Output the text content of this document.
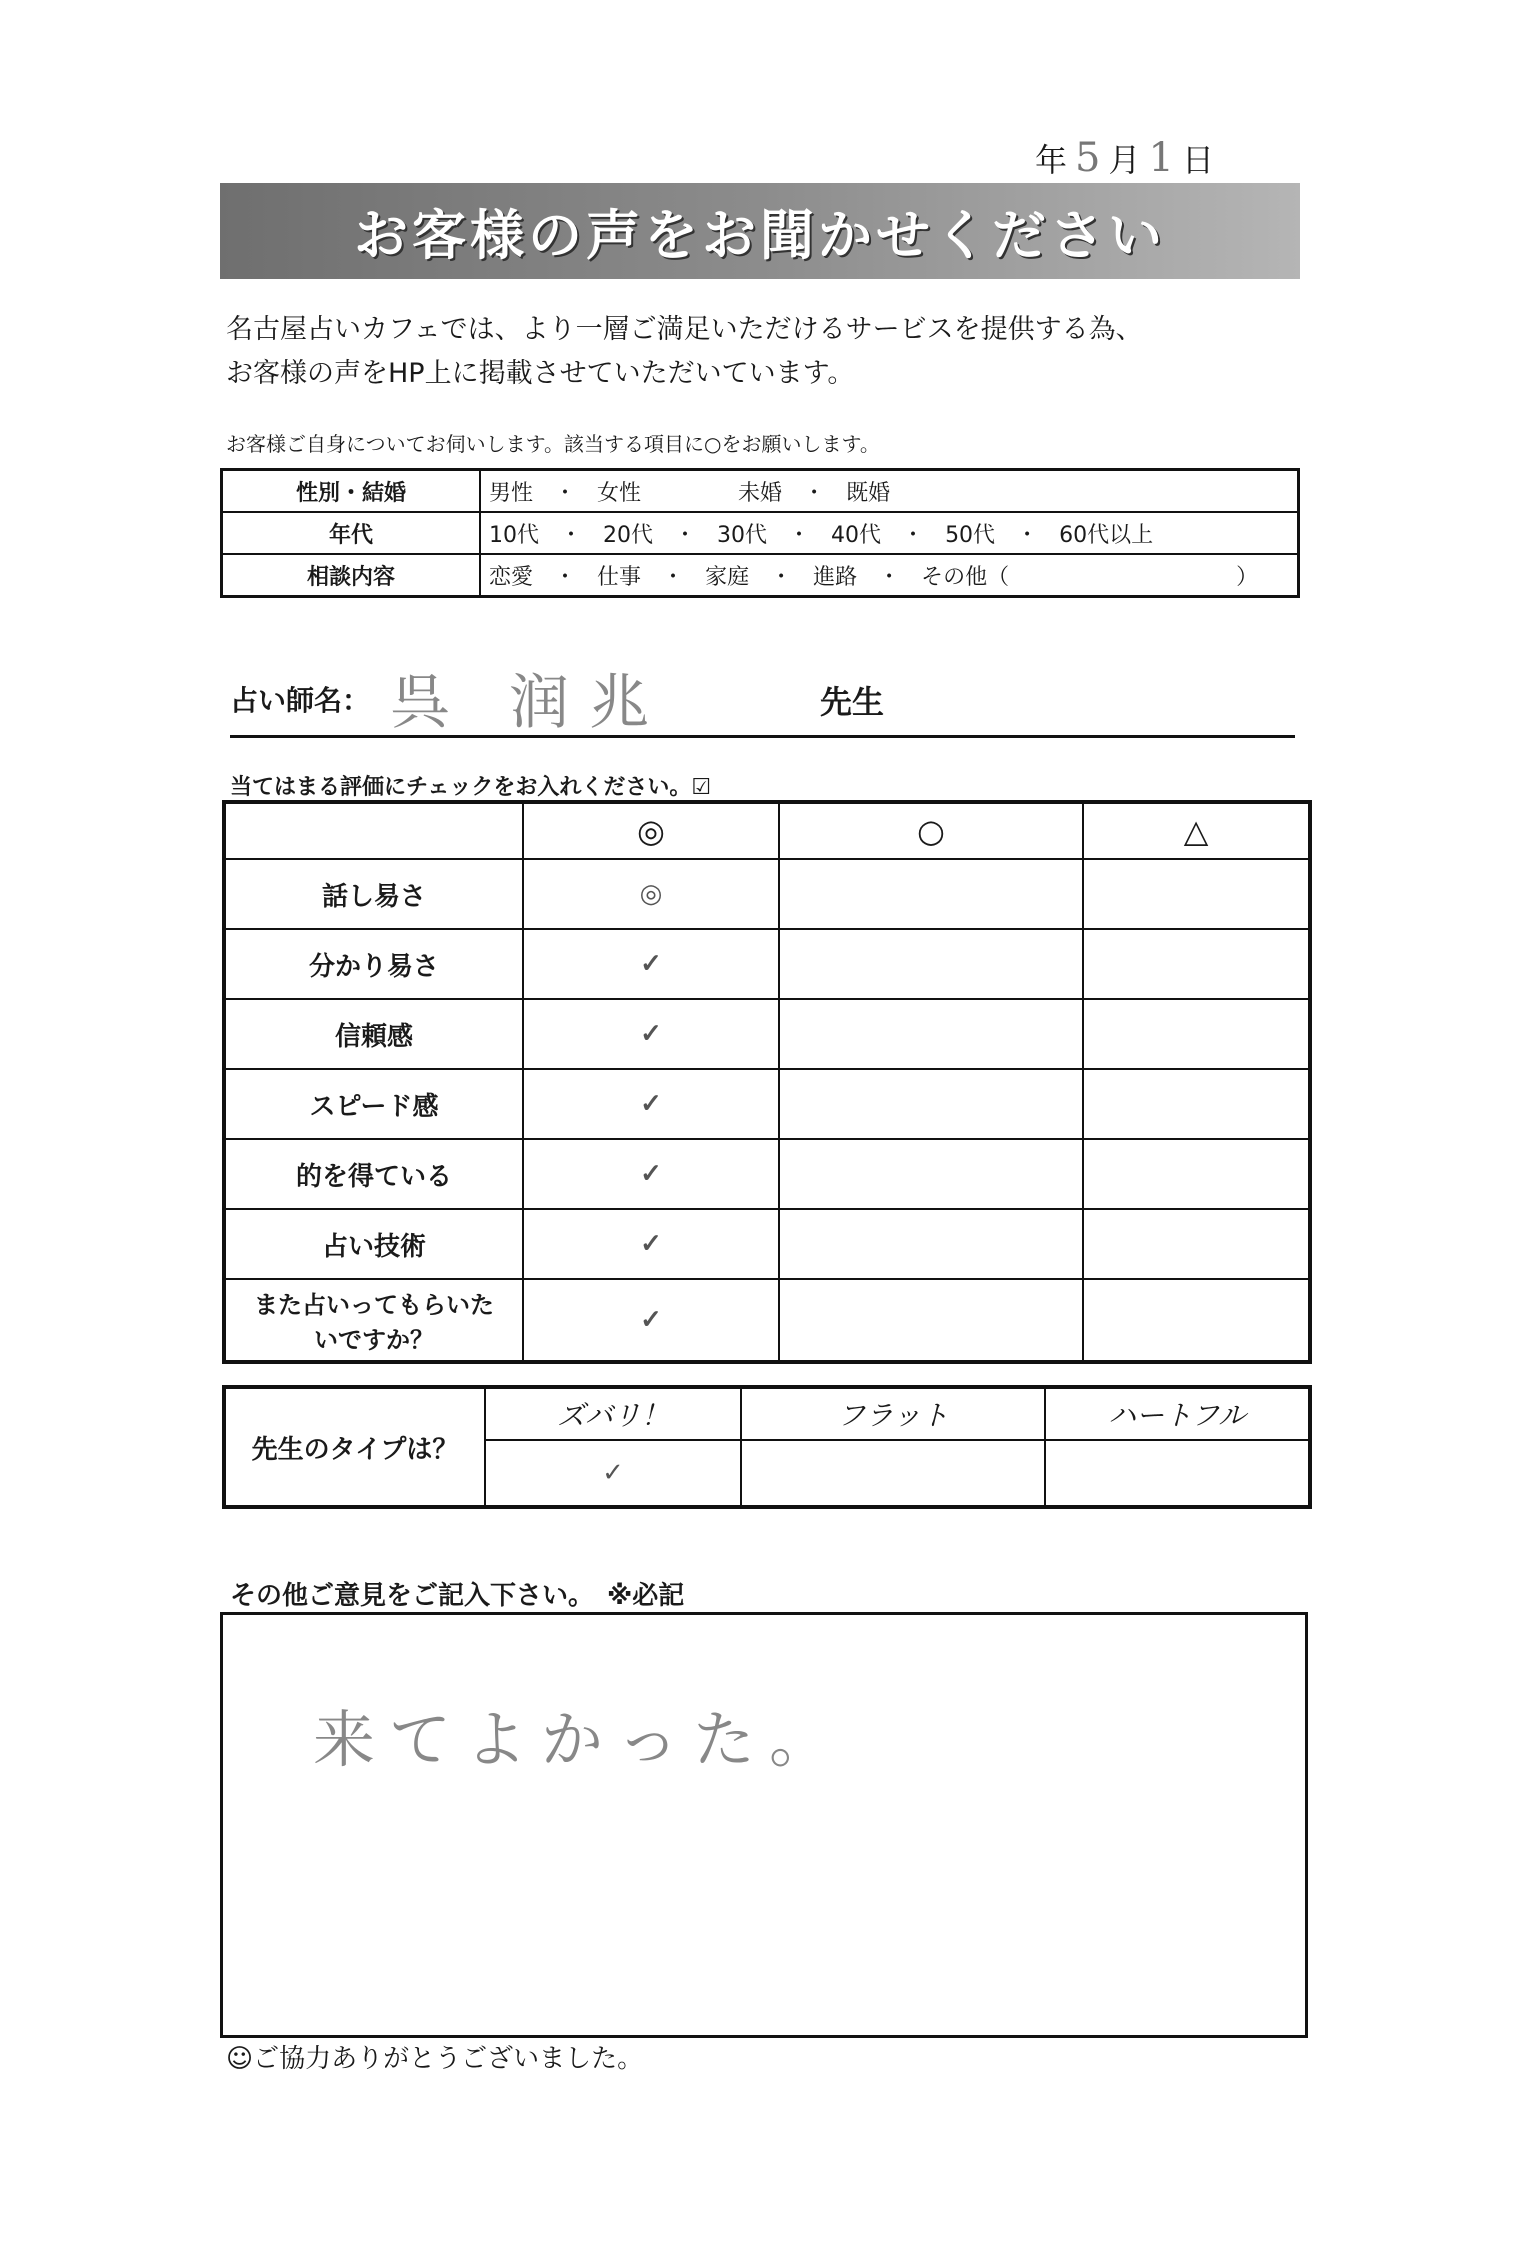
年 5 月 1 日
お客様の声をお聞かせください
名古屋占いカフェでは、より一層ご満足いただけるサービスを提供する為、
お客様の声をHP上に掲載させていただいています。
お客様ご自身についてお伺いします。該当する項目に○をお願いします。
性別・結婚	男性 ・ 女性 未婚 ・ 既婚
年代	10代 ・ 20代 ・ 30代 ・ 40代 ・ 50代 ・ 60代以上
相談内容	恋愛 ・ 仕事 ・ 家庭 ・ 進路 ・ その他（ ）
占い師名： 呉 润兆	先生
当てはまる評価にチェックをお入れください。☑
	◎	○	△
話し易さ	◎		
分かり易さ	✓		
信頼感	✓		
スピード感	✓		
的を得ている	✓		
占い技術	✓		
また占いってもらいたいですか？	✓		
先生のタイプは？	ズバリ！	フラット	ハートフル
	✓		
その他ご意見をご記入下さい。　※必記
来てよかった。
☺ご協力ありがとうございました。
